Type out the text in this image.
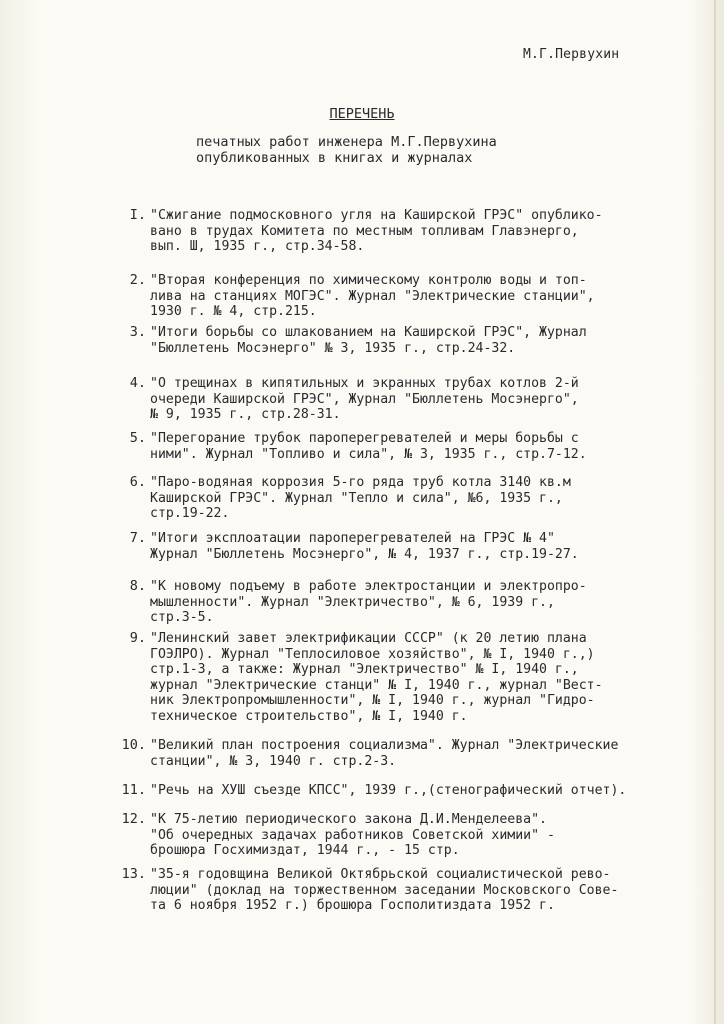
М.Г.Первухин
ПЕРЕЧЕНЬ
печатных работ инженера М.Г.Первухина
опубликованных в книгах и журналах
I. "Сжигание подмосковного угля на Каширской ГРЭС" опублико-
вано в трудах Комитета по местным топливам Главэнерго,
вып. Ш, 1935 г., стр.34-58.
2. "Вторая конференция по химическому контролю воды и топ-
лива на станциях МОГЭС". Журнал "Электрические станции",
1930 г. № 4, стр.215.
3. "Итоги борьбы со шлакованием на Каширской ГРЭС", Журнал
"Бюллетень Мосэнерго" № 3, 1935 г., стр.24-32.
4. "О трещинах в кипятильных и экранных трубах котлов 2-й
очереди Каширской ГРЭС", Журнал "Бюллетень Мосэнерго",
№ 9, 1935 г., стр.28-31.
5. "Перегорание трубок пароперегревателей и меры борьбы с
ними". Журнал "Топливо и сила", № 3, 1935 г., стр.7-12.
6. "Паро-водяная коррозия 5-го ряда труб котла 3140 кв.м
Каширской ГРЭС". Журнал "Тепло и сила", №6, 1935 г.,
стр.19-22.
7. "Итоги эксплоатации пароперегревателей на ГРЭС № 4"
Журнал "Бюллетень Мосэнерго", № 4, 1937 г., стр.19-27.
8. "К новому подъему в работе электростанции и электропро-
мышленности". Журнал "Электричество", № 6, 1939 г.,
стр.3-5.
9. "Ленинский завет электрификации СССР" (к 20 летию плана
ГОЭЛРО). Журнал "Теплосиловое хозяйство", № I, 1940 г.,)
стр.1-3, а также: Журнал "Электричество" № I, 1940 г.,
журнал "Электрические станци" № I, 1940 г., журнал "Вест-
ник Электропромышленности", № I, 1940 г., журнал "Гидро-
техническое строительство", № I, 1940 г.
10. "Великий план построения социализма". Журнал "Электрические
станции", № 3, 1940 г. стр.2-3.
11. "Речь на ХУШ съезде КПСС", 1939 г.,(стенографический отчет).
12. "К 75-летию периодического закона Д.И.Менделеева".
"Об очередных задачах работников Советской химии" -
брошюра Госхимиздат, 1944 г., - 15 стр.
13. "35-я годовщина Великой Октябрьской социалистической рево-
люции" (доклад на торжественном заседании Московского Сове-
та 6 ноября 1952 г.) брошюра Госполитиздата 1952 г.
